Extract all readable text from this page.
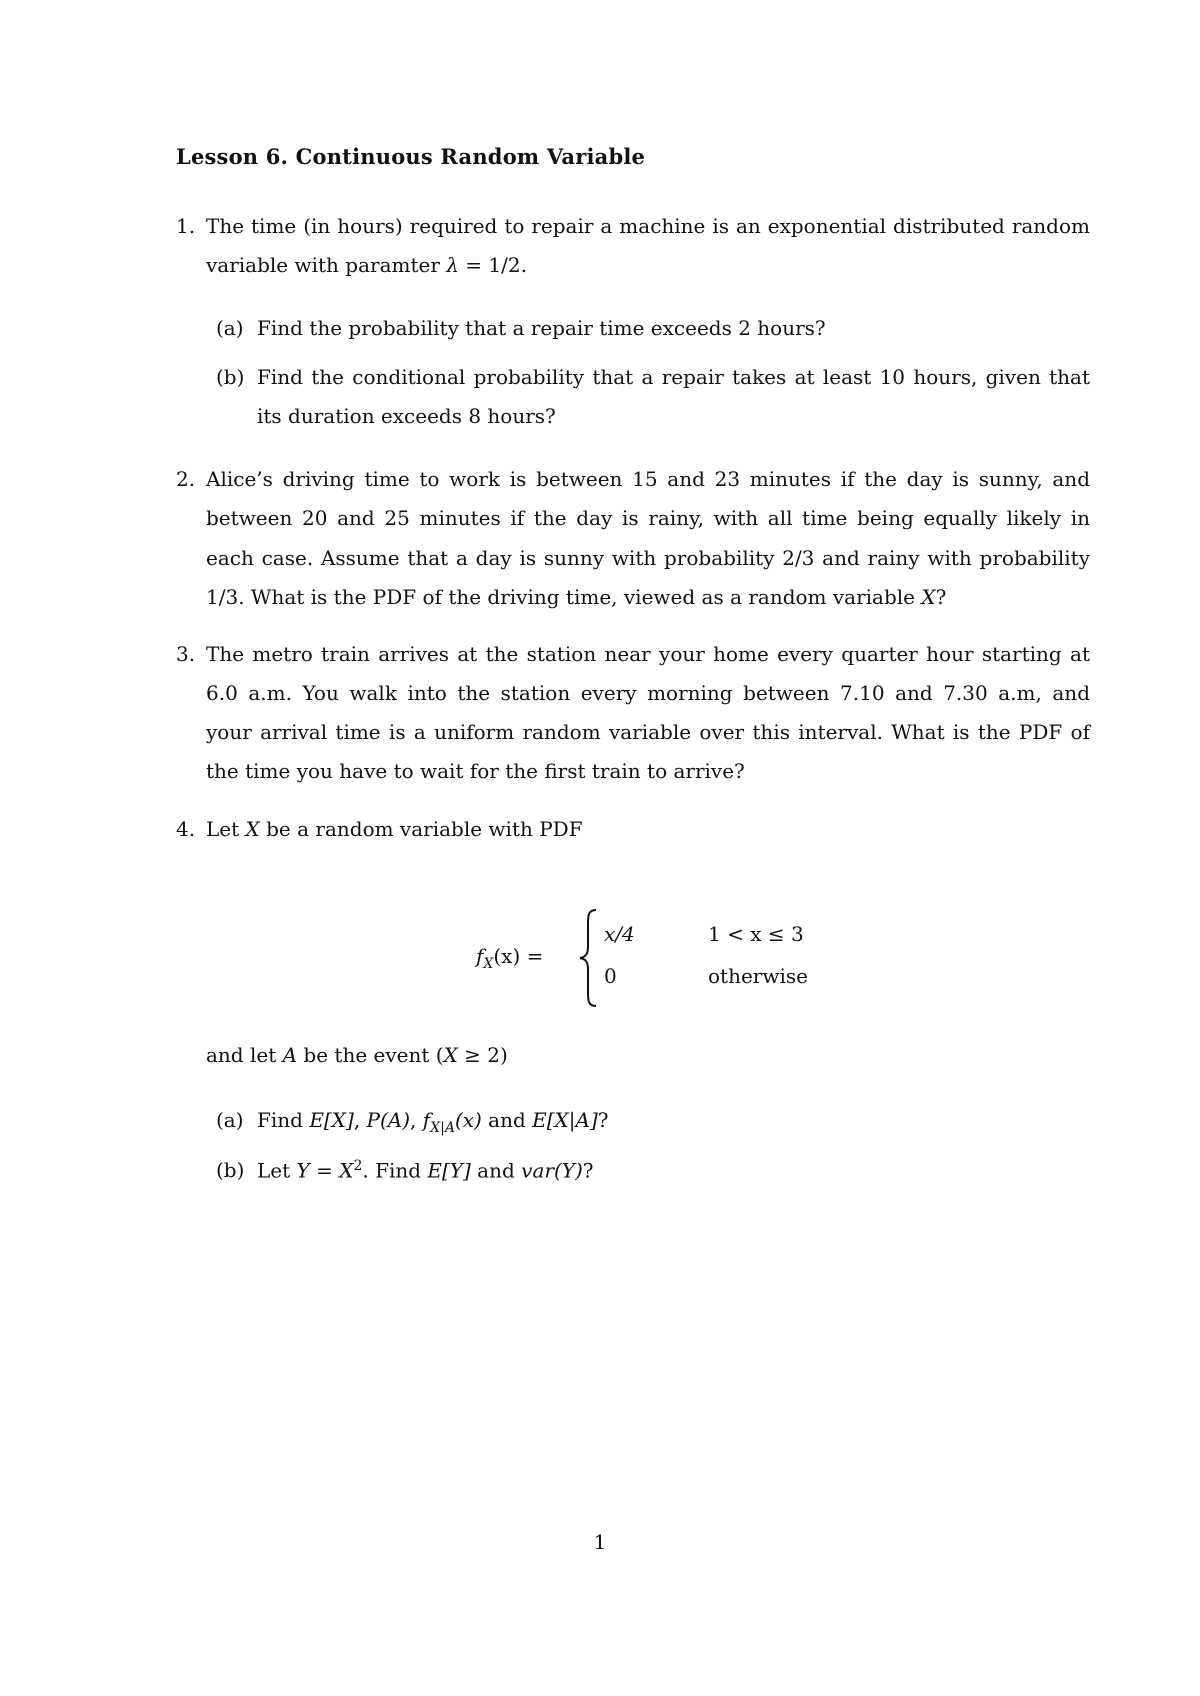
Lesson 6. Continuous Random Variable
1. The time (in hours) required to repair a machine is an exponential distributed random
variable with paramter λ = 1/2.
(a) Find the probability that a repair time exceeds 2 hours?
(b) Find the conditional probability that a repair takes at least 10 hours, given that
its duration exceeds 8 hours?
2. Alice’s driving time to work is between 15 and 23 minutes if the day is sunny, and
between 20 and 25 minutes if the day is rainy, with all time being equally likely in
each case. Assume that a day is sunny with probability 2/3 and rainy with probability
1/3. What is the PDF of the driving time, viewed as a random variable X?
3. The metro train arrives at the station near your home every quarter hour starting at
6.0 a.m. You walk into the station every morning between 7.10 and 7.30 a.m, and
your arrival time is a uniform random variable over this interval. What is the PDF of
the time you have to wait for the first train to arrive?
4. Let X be a random variable with PDF
$f_X(x)$ =
x/4
0
1 < x ≤ 3
otherwise
and let A be the event (X ≥ 2)
(a) Find E[X], P(A), $f_{X|A}(x)$ and E[X|A]?
(b) Let $Y = X^2$. Find E[Y] and var(Y)?
1
